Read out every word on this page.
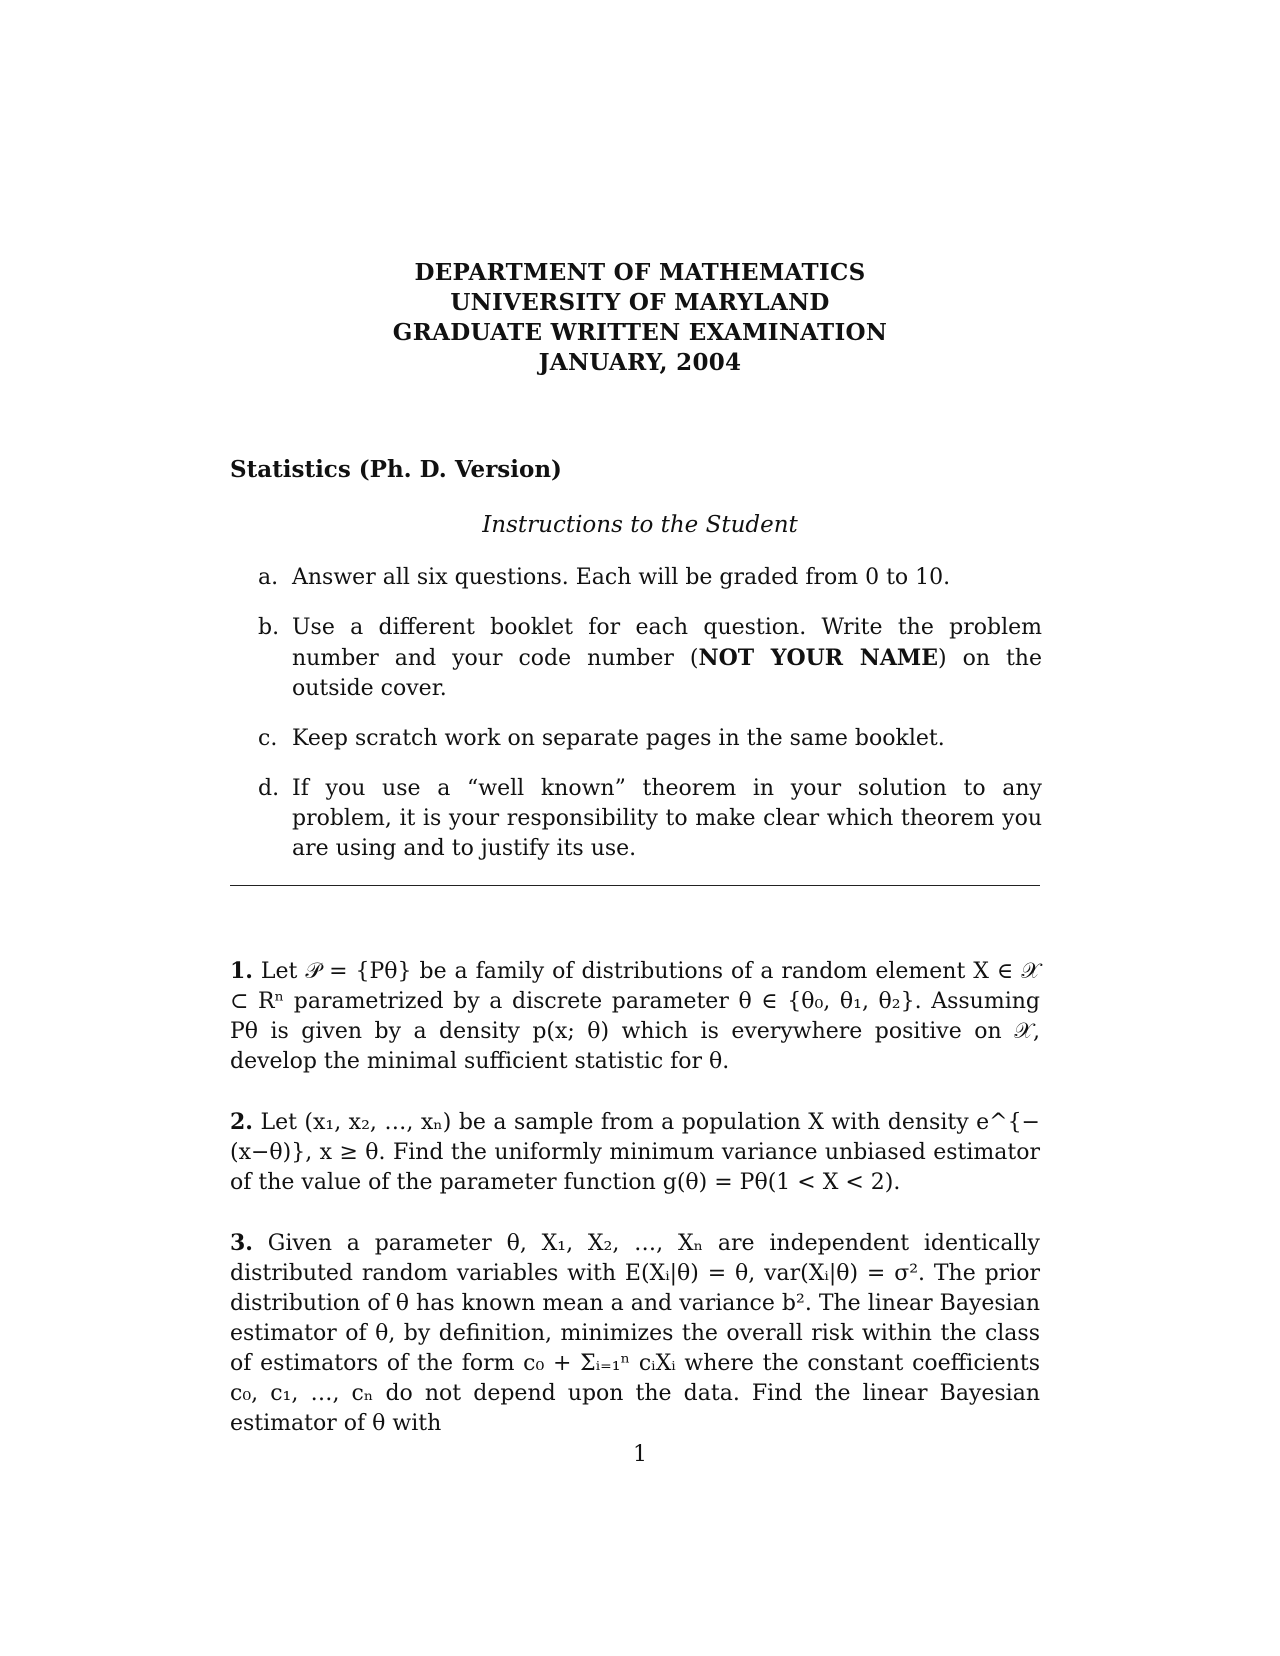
DEPARTMENT OF MATHEMATICS
UNIVERSITY OF MARYLAND
GRADUATE WRITTEN EXAMINATION
JANUARY, 2004
Statistics (Ph. D. Version)
Instructions to the Student
a. Answer all six questions. Each will be graded from 0 to 10.
b. Use a different booklet for each question. Write the problem number and your code number (NOT YOUR NAME) on the outside cover.
c. Keep scratch work on separate pages in the same booklet.
d. If you use a “well known” theorem in your solution to any problem, it is your responsibility to make clear which theorem you are using and to justify its use.
1. Let 𝒫 = {Pθ} be a family of distributions of a random element X ∈ 𝒳 ⊂ Rⁿ parametrized by a discrete parameter θ ∈ {θ₀, θ₁, θ₂}. Assuming Pθ is given by a density p(x; θ) which is everywhere positive on 𝒳, develop the minimal sufficient statistic for θ.
2. Let (x₁, x₂, …, xₙ) be a sample from a population X with density e^{−(x−θ)}, x ≥ θ. Find the uniformly minimum variance unbiased estimator of the value of the parameter function g(θ) = Pθ(1 < X < 2).
3. Given a parameter θ, X₁, X₂, …, Xₙ are independent identically distributed random variables with E(Xᵢ|θ) = θ, var(Xᵢ|θ) = σ². The prior distribution of θ has known mean a and variance b². The linear Bayesian estimator of θ, by definition, minimizes the overall risk within the class of estimators of the form c₀ + Σᵢ₌₁ⁿ cᵢXᵢ where the constant coefficients c₀, c₁, …, cₙ do not depend upon the data. Find the linear Bayesian estimator of θ with
1
